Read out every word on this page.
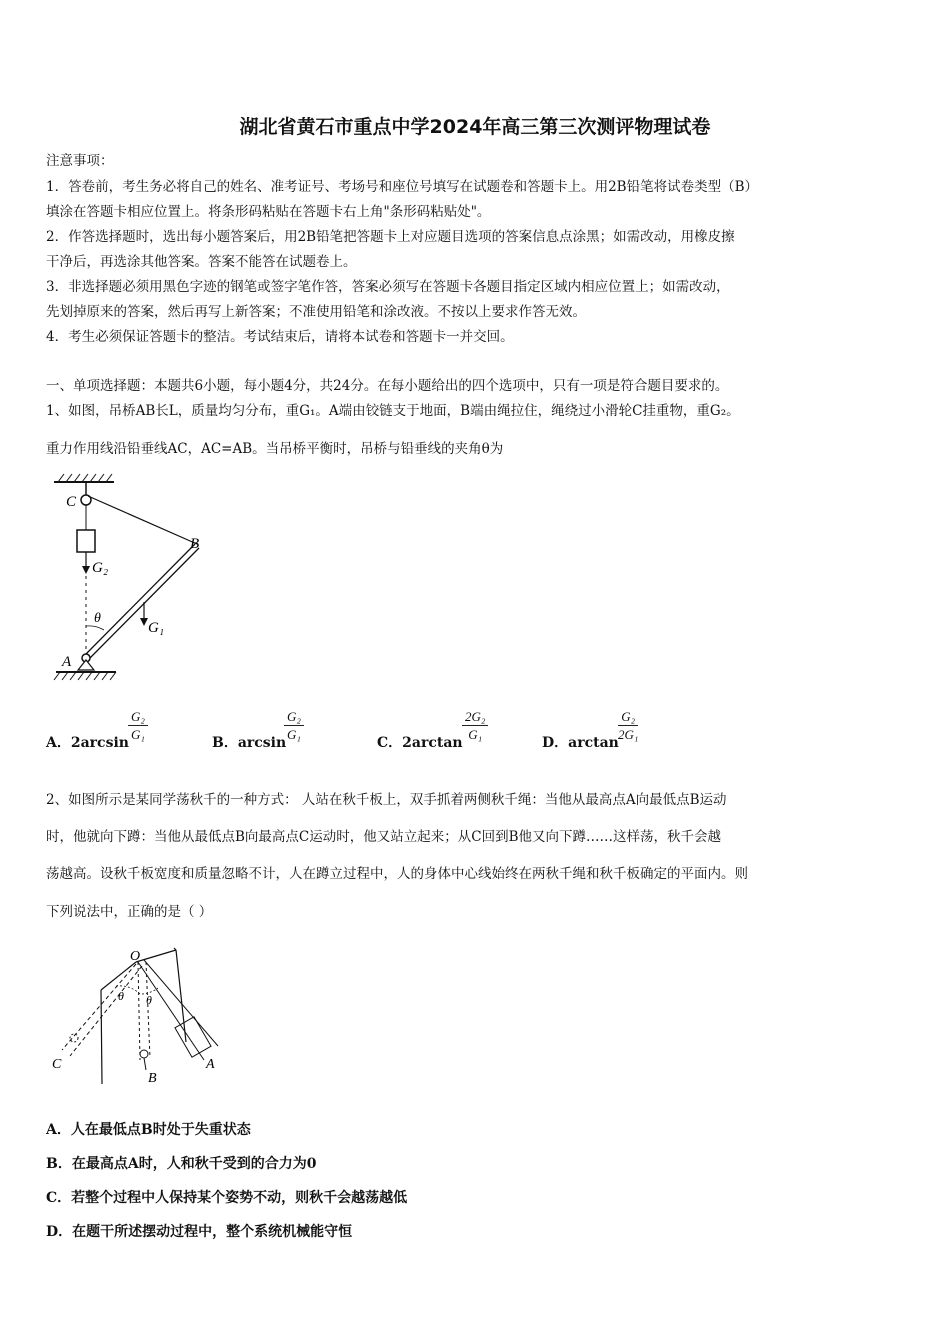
湖北省黄石市重点中学2024年高三第三次测评物理试卷
注意事项：
1．答卷前，考生务必将自己的姓名、准考证号、考场号和座位号填写在试题卷和答题卡上。用2B铅笔将试卷类型（B）
填涂在答题卡相应位置上。将条形码粘贴在答题卡右上角"条形码粘贴处"。
2．作答选择题时，选出每小题答案后，用2B铅笔把答题卡上对应题目选项的答案信息点涂黑；如需改动，用橡皮擦
干净后，再选涂其他答案。答案不能答在试题卷上。
3．非选择题必须用黑色字迹的钢笔或签字笔作答，答案必须写在答题卡各题目指定区域内相应位置上；如需改动，
先划掉原来的答案，然后再写上新答案；不准使用铅笔和涂改液。不按以上要求作答无效。
4．考生必须保证答题卡的整洁。考试结束后，请将本试卷和答题卡一并交回。
一、单项选择题：本题共6小题，每小题4分，共24分。在每小题给出的四个选项中，只有一项是符合题目要求的。
1、如图，吊桥AB长L，质量均匀分布，重G₁。A端由铰链支于地面，B端由绳拉住，绳绕过小滑轮C挂重物，重G₂。
重力作用线沿铅垂线AC，AC=AB。当吊桥平衡时，吊桥与铅垂线的夹角θ为
C
B
A
G₂
G₁
θ
A．$2\arcsin \frac{\text{G₂}}{\text{G₁}}$	B．arcsin
$\frac{\text{G₂}}{\text{G₁}}$	C．$2\arctan \frac{\text{2G₂}}{\text{G₁}}$	D．$\arctan \frac{\text{G₂}}{\text{2G₁}}$
2、如图所示是某同学荡秋千的一种方式： 人站在秋千板上，双手抓着两侧秋千绳：当他从最高点A向最低点B运动
时，他就向下蹲：当他从最低点B向最高点C运动时，他又站立起来；从C回到B他又向下蹲……这样荡，秋千会越
荡越高。设秋千板宽度和质量忽略不计，人在蹲立过程中，人的身体中心线始终在两秋千绳和秋千板确定的平面内。则
下列说法中，正确的是（ ）
O
A
B
C
θ θ
A．人在最低点B时处于失重状态
B．在最高点A时，人和秋千受到的合力为0
C．若整个过程中人保持某个姿势不动，则秋千会越荡越低
D．在题干所述摆动过程中，整个系统机械能守恒
